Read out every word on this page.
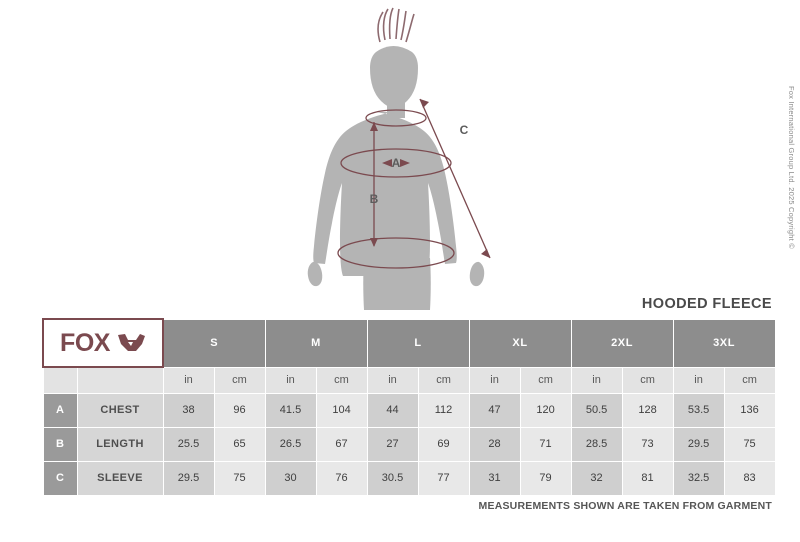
A
B
C
HOODED FLEECE
Fox International Group Ltd. 2025 Copyright ©
FOX		S		M		L		XL		2XL		3XL	
		in	cm	in	cm	in	cm	in	cm	in	cm	in	cm
A	CHEST	38	96	41.5	104	44	112	47	120	50.5	128	53.5	136
B	LENGTH	25.5	65	26.5	67	27	69	28	71	28.5	73	29.5	75
C	SLEEVE	29.5	75	30	76	30.5	77	31	79	32	81	32.5	83
MEASUREMENTS SHOWN ARE TAKEN FROM GARMENT
